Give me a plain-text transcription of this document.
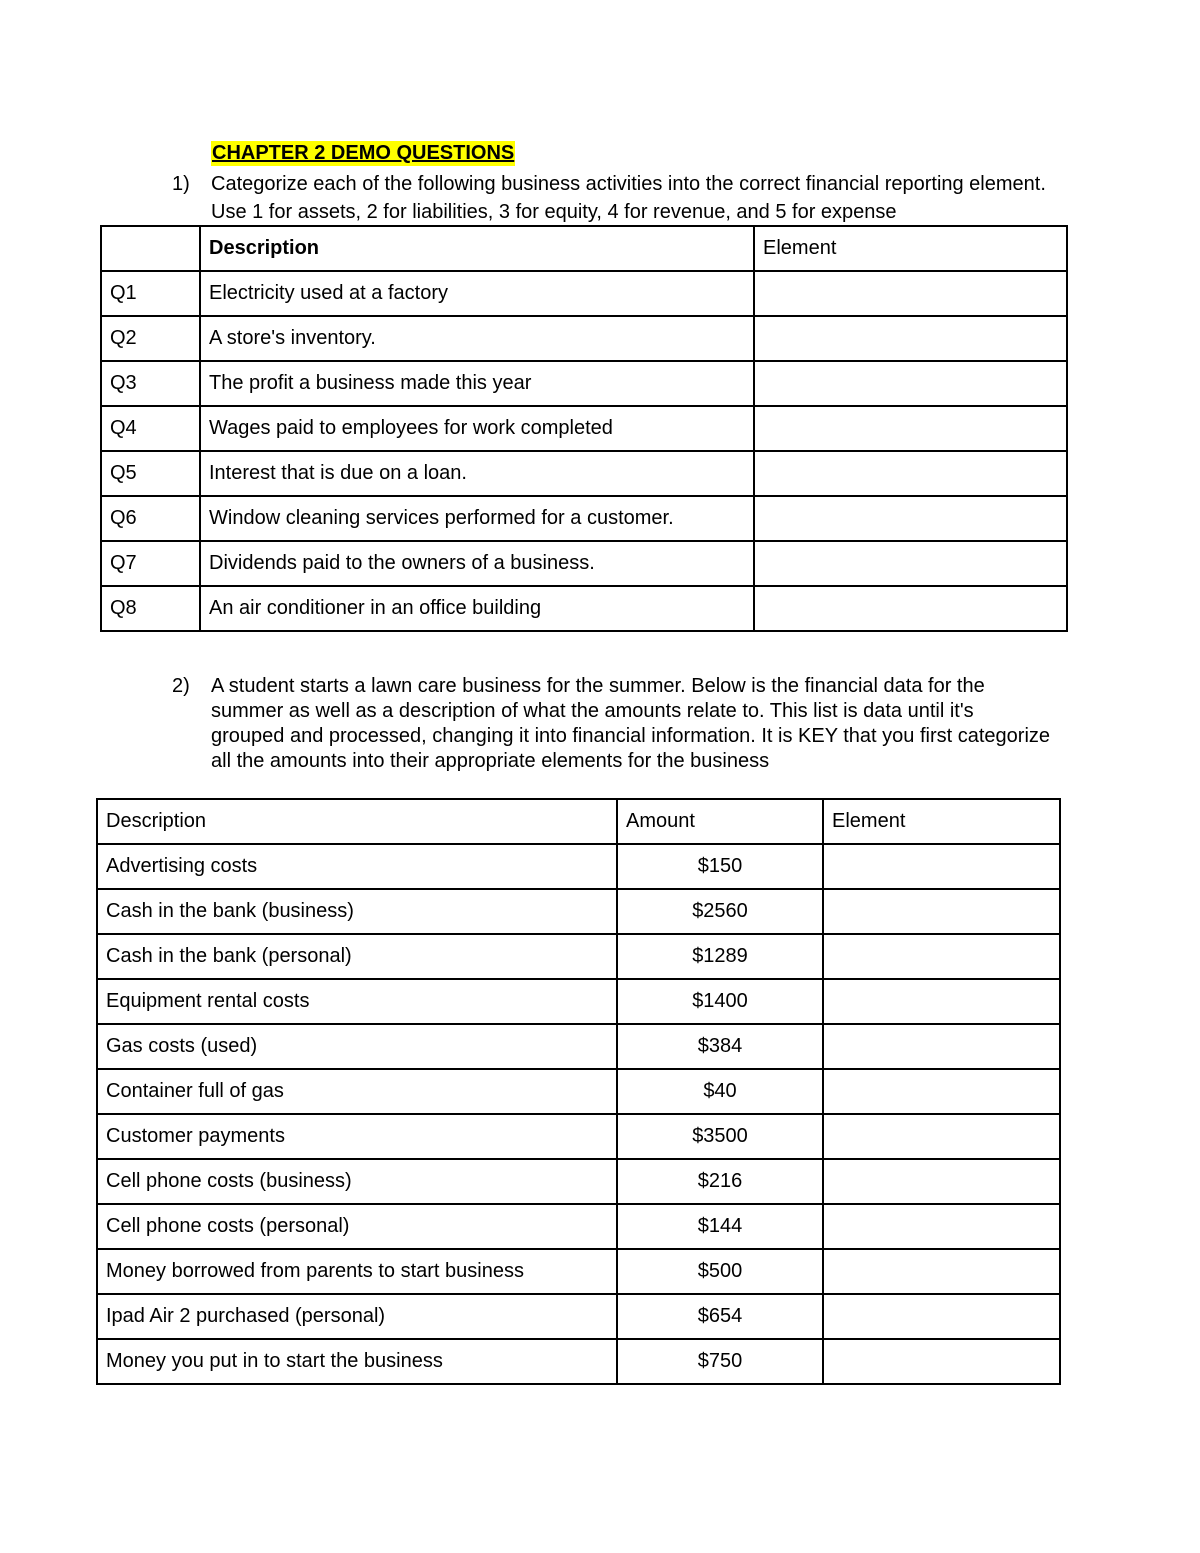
CHAPTER 2 DEMO QUESTIONS
1) Categorize each of the following business activities into the correct financial reporting element. Use 1 for assets, 2 for liabilities, 3 for equity, 4 for revenue, and 5 for expense
	Description	Element
Q1	Electricity used at a factory	
Q2	A store's inventory.	
Q3	The profit a business made this year	
Q4	Wages paid to employees for work completed	
Q5	Interest that is due on a loan.	
Q6	Window cleaning services performed for a customer.	
Q7	Dividends paid to the owners of a business.	
Q8	An air conditioner in an office building	
2) A student starts a lawn care business for the summer. Below is the financial data for the summer as well as a description of what the amounts relate to. This list is data until it's grouped and processed, changing it into financial information. It is KEY that you first categorize all the amounts into their appropriate elements for the business
Description	Amount	Element
Advertising costs	$150	
Cash in the bank (business)	$2560	
Cash in the bank (personal)	$1289	
Equipment rental costs	$1400	
Gas costs (used)	$384	
Container full of gas	$40	
Customer payments	$3500	
Cell phone costs (business)	$216	
Cell phone costs (personal)	$144	
Money borrowed from parents to start business	$500	
Ipad Air 2 purchased (personal)	$654	
Money you put in to start the business	$750	
